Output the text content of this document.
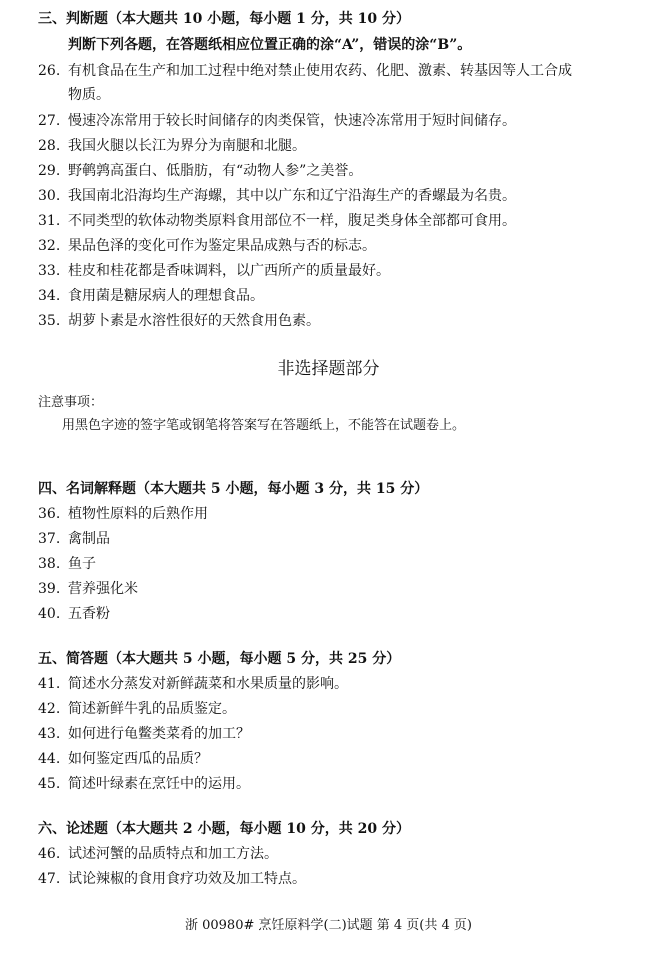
三、判断题（本大题共 10 小题，每小题 1 分，共 10 分）
判断下列各题，在答题纸相应位置正确的涂“A”，错误的涂“B”。
26. 有机食品在生产和加工过程中绝对禁止使用农药、化肥、激素、转基因等人工合成
物质。
27. 慢速冷冻常用于较长时间储存的肉类保管，快速冷冻常用于短时间储存。
28. 我国火腿以长江为界分为南腿和北腿。
29. 野鹌鹑高蛋白、低脂肪，有“动物人参”之美誉。
30. 我国南北沿海均生产海螺，其中以广东和辽宁沿海生产的香螺最为名贵。
31. 不同类型的软体动物类原料食用部位不一样，腹足类身体全部都可食用。
32. 果品色泽的变化可作为鉴定果品成熟与否的标志。
33. 桂皮和桂花都是香味调料，以广西所产的质量最好。
34. 食用菌是糖尿病人的理想食品。
35. 胡萝卜素是水溶性很好的天然食用色素。
非选择题部分
注意事项：
用黑色字迹的签字笔或钢笔将答案写在答题纸上，不能答在试题卷上。
四、名词解释题（本大题共 5 小题，每小题 3 分，共 15 分）
36. 植物性原料的后熟作用
37. 禽制品
38. 鱼子
39. 营养强化米
40. 五香粉
五、简答题（本大题共 5 小题，每小题 5 分，共 25 分）
41. 简述水分蒸发对新鲜蔬菜和水果质量的影响。
42. 简述新鲜牛乳的品质鉴定。
43. 如何进行龟鳖类菜肴的加工？
44. 如何鉴定西瓜的品质？
45. 简述叶绿素在烹饪中的运用。
六、论述题（本大题共 2 小题，每小题 10 分，共 20 分）
46. 试述河蟹的品质特点和加工方法。
47. 试论辣椒的食用食疗功效及加工特点。
浙 00980# 烹饪原料学(二)试题 第 4 页(共 4 页)
